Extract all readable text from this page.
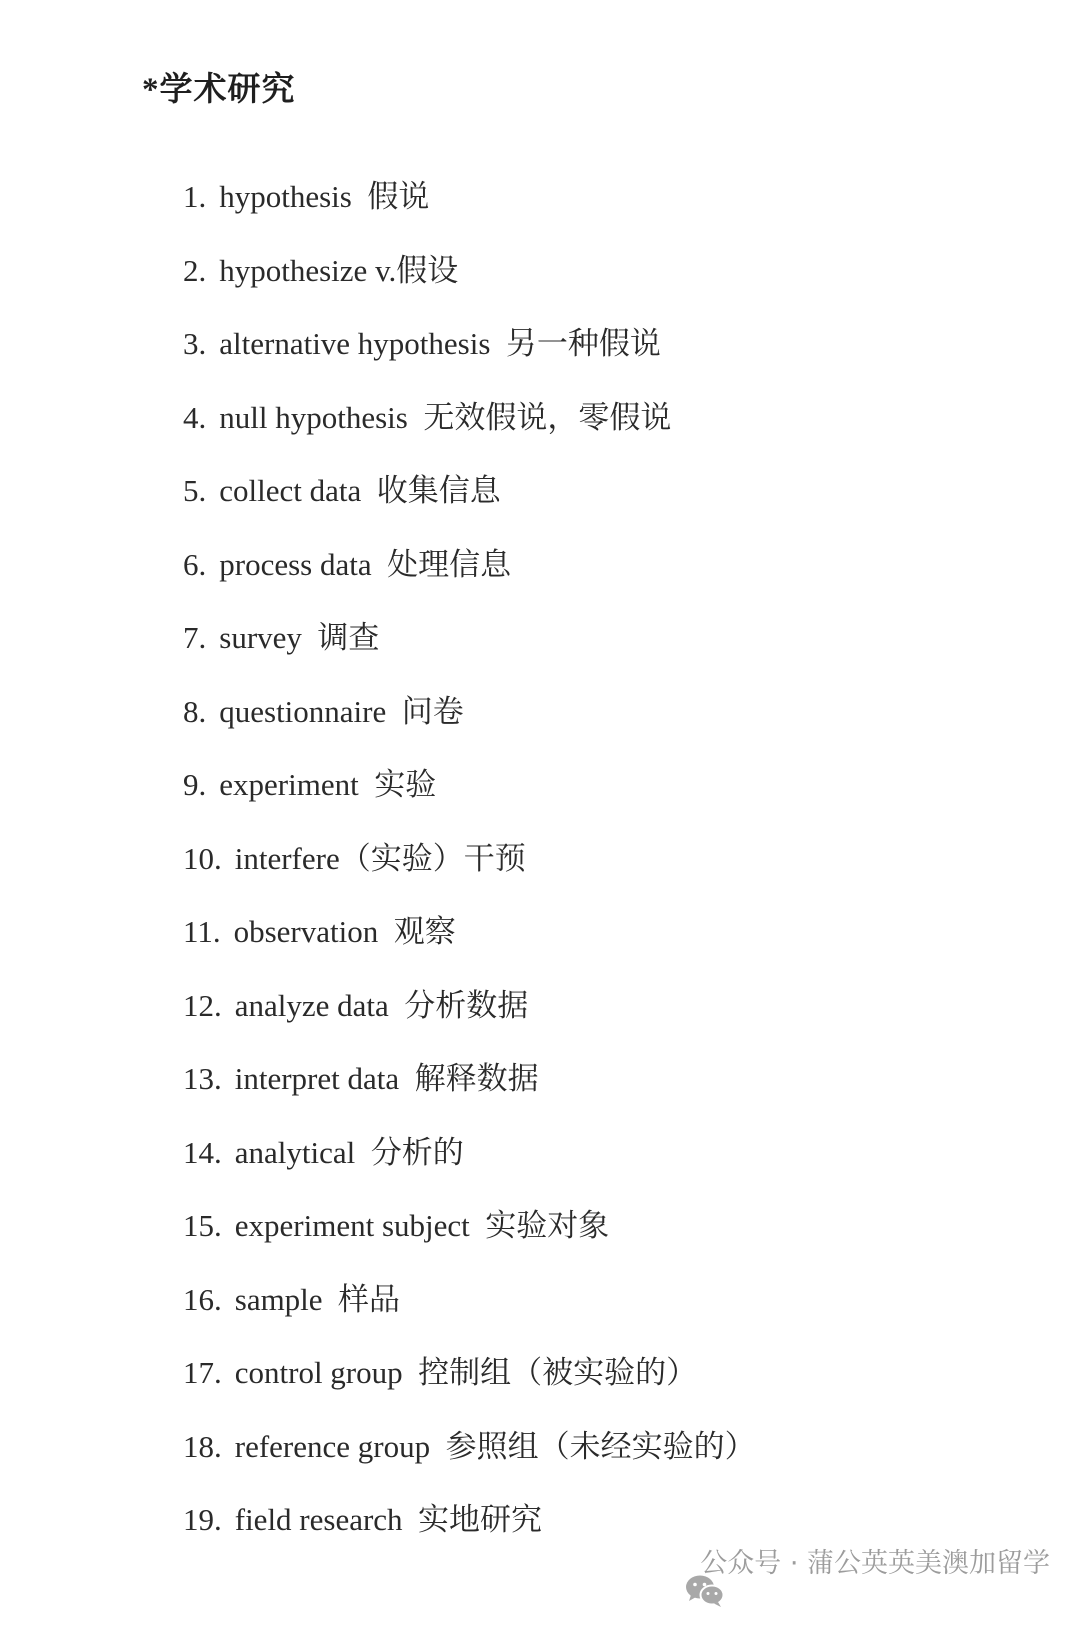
*学术研究
1. hypothesis  假说
2. hypothesize v.假设
3. alternative hypothesis  另一种假说
4. null hypothesis  无效假说，零假说
5. collect data  收集信息
6. process data  处理信息
7. survey  调查
8. questionnaire  问卷
9. experiment  实验
10. interfere（实验）干预
11. observation  观察
12. analyze data  分析数据
13. interpret data  解释数据
14. analytical  分析的
15. experiment subject  实验对象
16. sample  样品
17. control group  控制组（被实验的）
18. reference group  参照组（未经实验的）
19. field research  实地研究

公众号 · 蒲公英英美澳加留学
